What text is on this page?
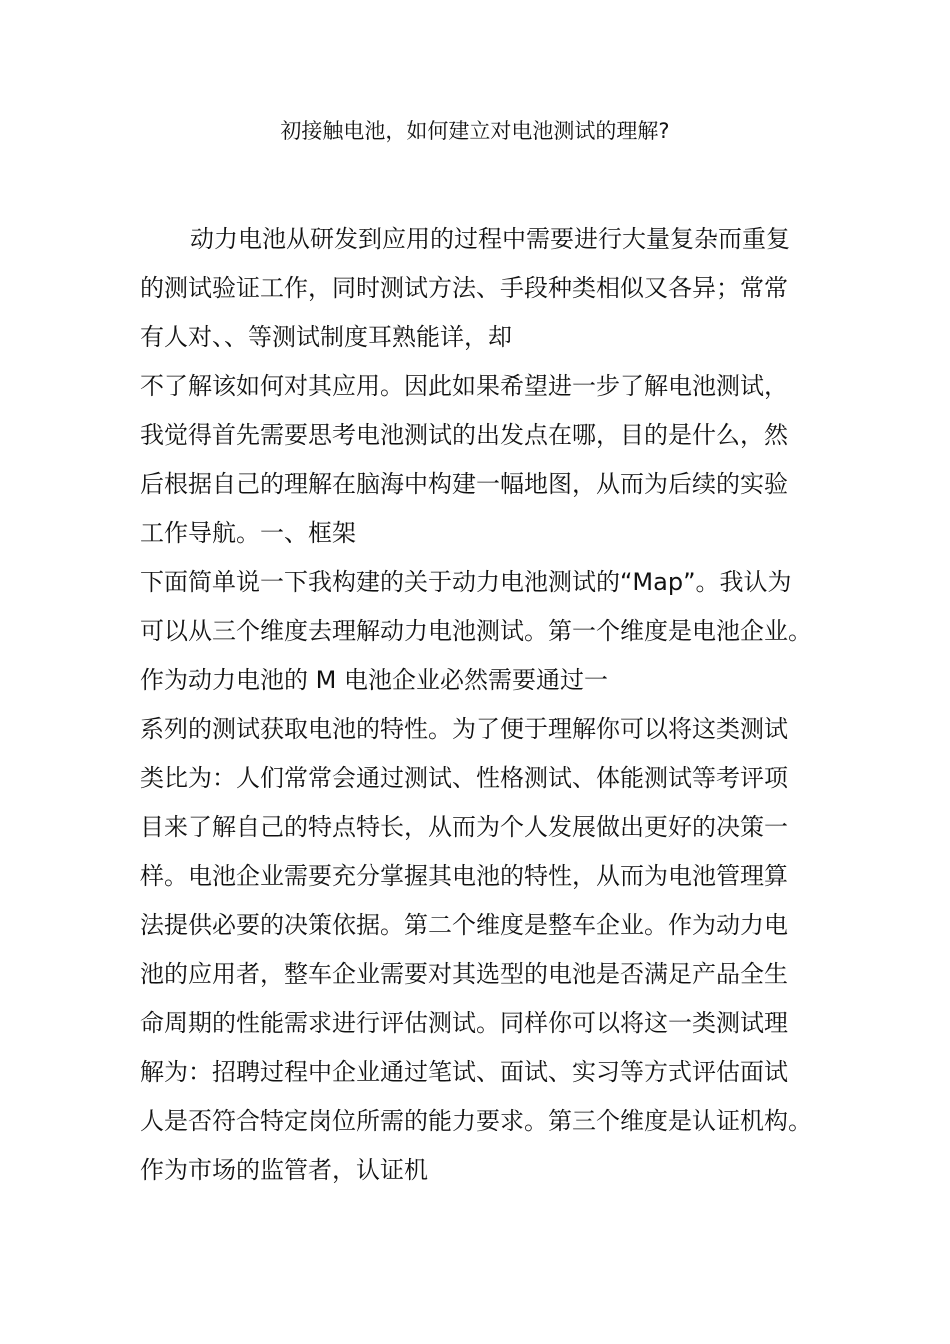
初接触电池，如何建立对电池测试的理解?
动力电池从研发到应用的过程中需要进行大量复杂而重复
的测试验证工作，同时测试方法、手段种类相似又各异；常常
有人对、、等测试制度耳熟能详，却
不了解该如何对其应用。因此如果希望进一步了解电池测试，
我觉得首先需要思考电池测试的出发点在哪，目的是什么，然
后根据自己的理解在脑海中构建一幅地图，从而为后续的实验
工作导航。一、框架
下面简单说一下我构建的关于动力电池测试的“Map”。我认为
可以从三个维度去理解动力电池测试。第一个维度是电池企业。
作为动力电池的 M 电池企业必然需要通过一
系列的测试获取电池的特性。为了便于理解你可以将这类测试
类比为：人们常常会通过测试、性格测试、体能测试等考评项
目来了解自己的特点特长，从而为个人发展做出更好的决策一
样。电池企业需要充分掌握其电池的特性，从而为电池管理算
法提供必要的决策依据。第二个维度是整车企业。作为动力电
池的应用者，整车企业需要对其选型的电池是否满足产品全生
命周期的性能需求进行评估测试。同样你可以将这一类测试理
解为：招聘过程中企业通过笔试、面试、实习等方式评估面试
人是否符合特定岗位所需的能力要求。第三个维度是认证机构。
作为市场的监管者，认证机
